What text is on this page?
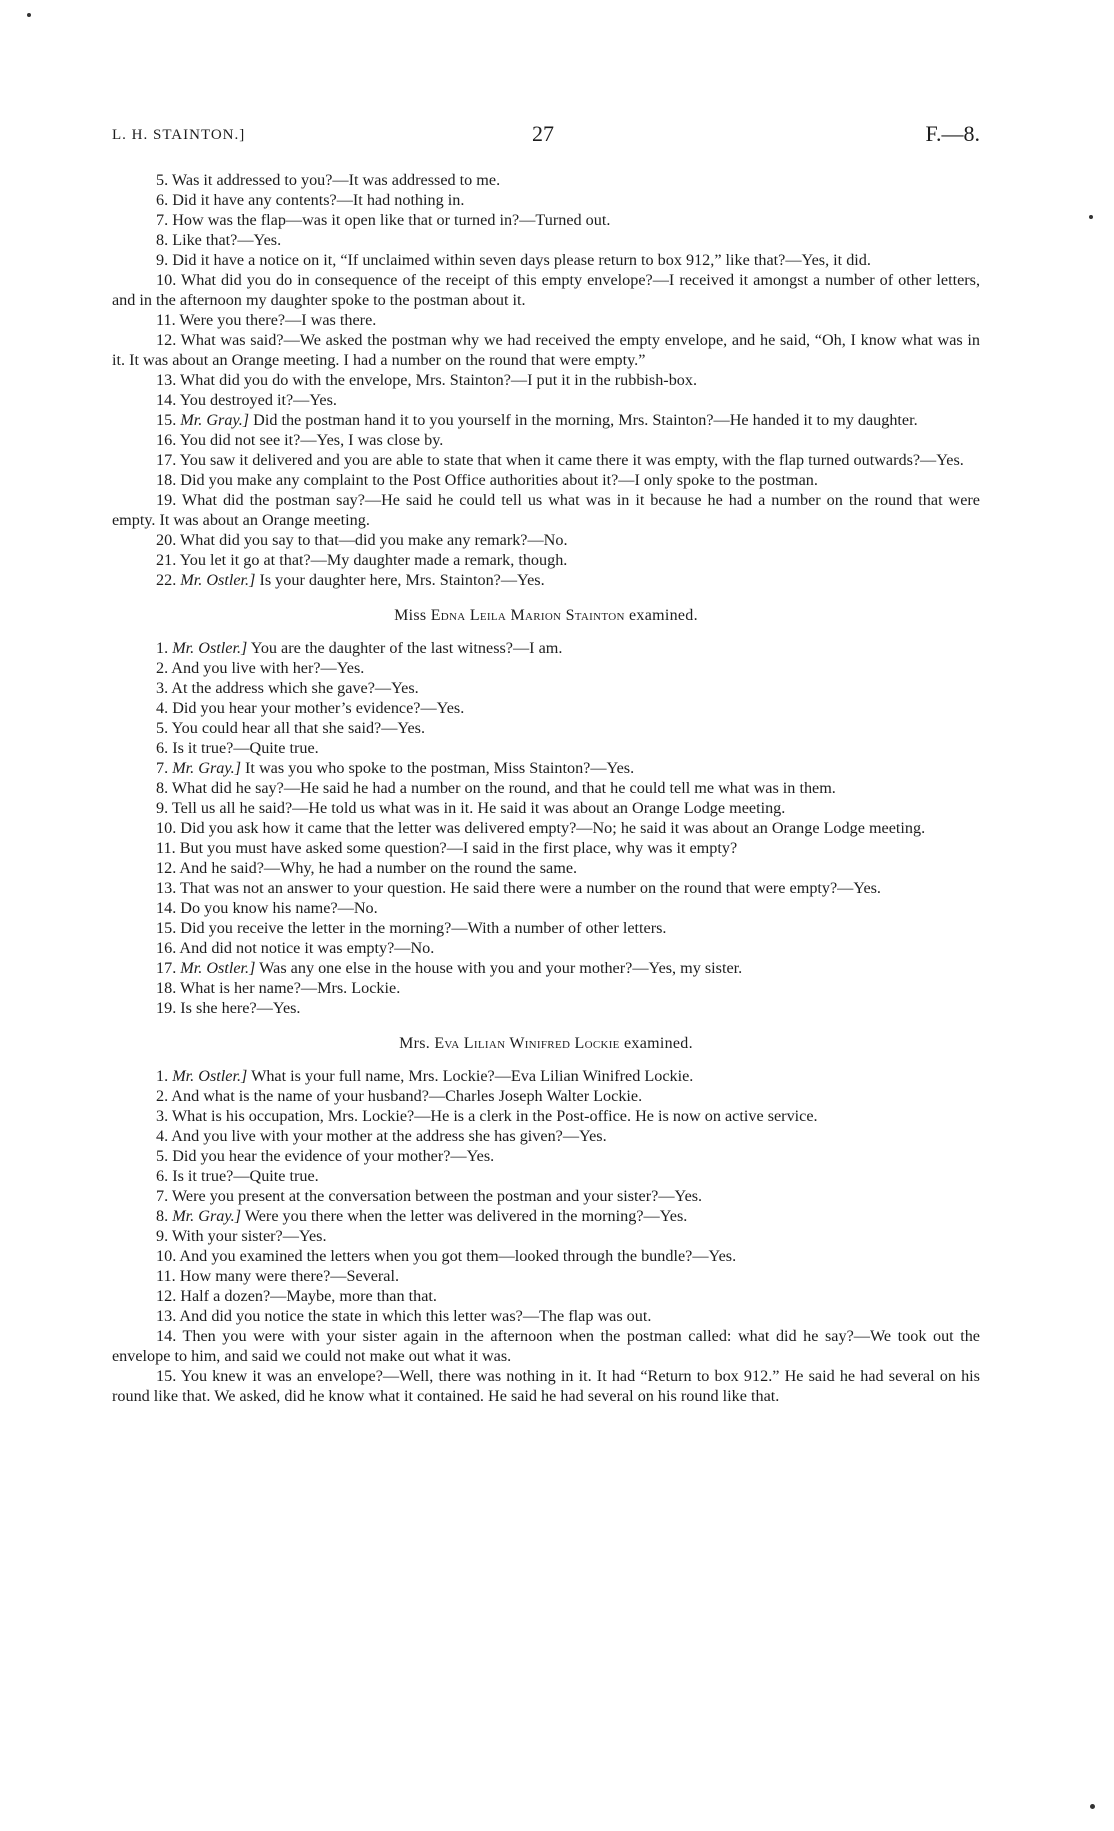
L. H. STAINTON.]	27	F.—8.

5. Was it addressed to you?—It was addressed to me.

6. Did it have any contents?—It had nothing in.

7. How was the flap—was it open like that or turned in?—Turned out.

8. Like that?—Yes.

9. Did it have a notice on it, “If unclaimed within seven days please return to box 912,” like that?—Yes, it did.

10. What did you do in consequence of the receipt of this empty envelope?—I received it amongst a number of other letters, and in the afternoon my daughter spoke to the postman about it.

11. Were you there?—I was there.

12. What was said?—We asked the postman why we had received the empty envelope, and he said, “Oh, I know what was in it. It was about an Orange meeting. I had a number on the round that were empty.”

13. What did you do with the envelope, Mrs. Stainton?—I put it in the rubbish-box.

14. You destroyed it?—Yes.

15. Mr. Gray.] Did the postman hand it to you yourself in the morning, Mrs. Stainton?—He handed it to my daughter.

16. You did not see it?—Yes, I was close by.

17. You saw it delivered and you are able to state that when it came there it was empty, with the flap turned outwards?—Yes.

18. Did you make any complaint to the Post Office authorities about it?—I only spoke to the postman.

19. What did the postman say?—He said he could tell us what was in it because he had a number on the round that were empty. It was about an Orange meeting.

20. What did you say to that—did you make any remark?—No.

21. You let it go at that?—My daughter made a remark, though.

22. Mr. Ostler.] Is your daughter here, Mrs. Stainton?—Yes.

Miss Edna Leila Marion Stainton examined.

1. Mr. Ostler.] You are the daughter of the last witness?—I am.

2. And you live with her?—Yes.

3. At the address which she gave?—Yes.

4. Did you hear your mother’s evidence?—Yes.

5. You could hear all that she said?—Yes.

6. Is it true?—Quite true.

7. Mr. Gray.] It was you who spoke to the postman, Miss Stainton?—Yes.

8. What did he say?—He said he had a number on the round, and that he could tell me what was in them.

9. Tell us all he said?—He told us what was in it. He said it was about an Orange Lodge meeting.

10. Did you ask how it came that the letter was delivered empty?—No; he said it was about an Orange Lodge meeting.

11. But you must have asked some question?—I said in the first place, why was it empty?

12. And he said?—Why, he had a number on the round the same.

13. That was not an answer to your question. He said there were a number on the round that were empty?—Yes.

14. Do you know his name?—No.

15. Did you receive the letter in the morning?—With a number of other letters.

16. And did not notice it was empty?—No.

17. Mr. Ostler.] Was any one else in the house with you and your mother?—Yes, my sister.

18. What is her name?—Mrs. Lockie.

19. Is she here?—Yes.

Mrs. Eva Lilian Winifred Lockie examined.

1. Mr. Ostler.] What is your full name, Mrs. Lockie?—Eva Lilian Winifred Lockie.

2. And what is the name of your husband?—Charles Joseph Walter Lockie.

3. What is his occupation, Mrs. Lockie?—He is a clerk in the Post-office. He is now on active service.

4. And you live with your mother at the address she has given?—Yes.

5. Did you hear the evidence of your mother?—Yes.

6. Is it true?—Quite true.

7. Were you present at the conversation between the postman and your sister?—Yes.

8. Mr. Gray.] Were you there when the letter was delivered in the morning?—Yes.

9. With your sister?—Yes.

10. And you examined the letters when you got them—looked through the bundle?—Yes.

11. How many were there?—Several.

12. Half a dozen?—Maybe, more than that.

13. And did you notice the state in which this letter was?—The flap was out.

14. Then you were with your sister again in the afternoon when the postman called: what did he say?—We took out the envelope to him, and said we could not make out what it was.

15. You knew it was an envelope?—Well, there was nothing in it. It had “Return to box 912.” He said he had several on his round like that. We asked, did he know what it contained. He said he had several on his round like that.
